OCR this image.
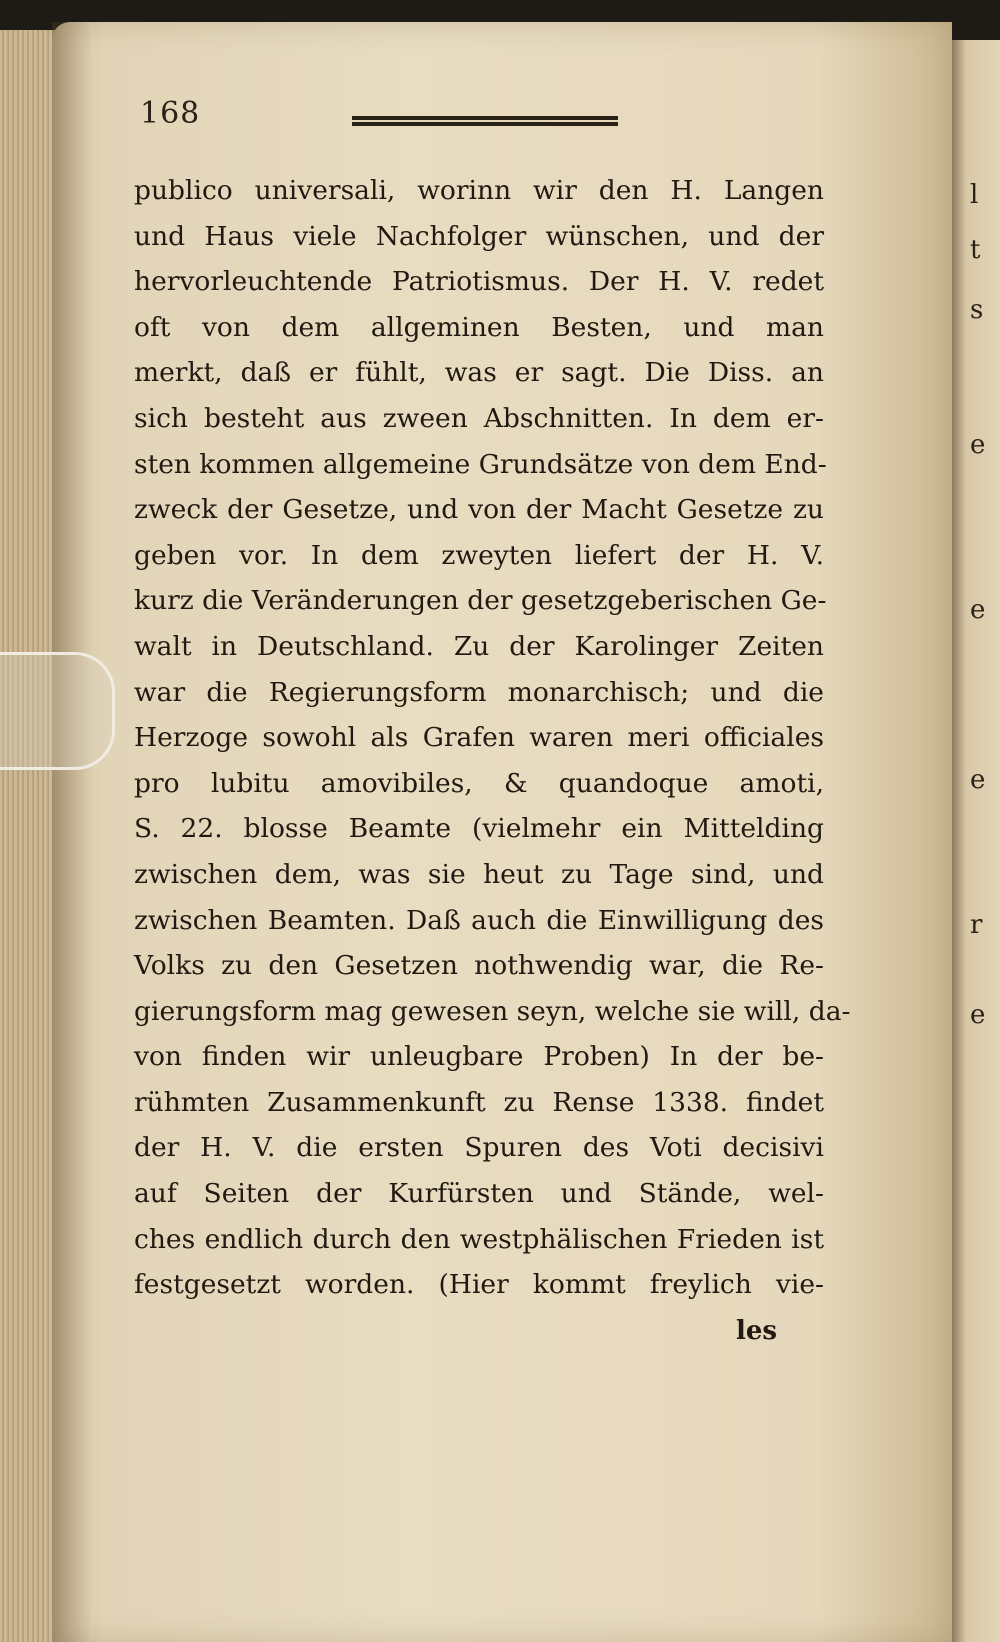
l
t
s
e
e
e
r
e
168
publico universali, worinn wir den H. Langen
und Haus viele Nachfolger wünschen, und der
hervorleuchtende Patriotismus. Der H. V. redet
oft von dem allgeminen Besten, und man
merkt, daß er fühlt, was er sagt. Die Diss. an
sich besteht aus zween Abschnitten. In dem er-
sten kommen allgemeine Grundsätze von dem End-
zweck der Gesetze, und von der Macht Gesetze zu
geben vor. In dem zweyten liefert der H. V.
kurz die Veränderungen der gesetzgeberischen Ge-
walt in Deutschland. Zu der Karolinger Zeiten
war die Regierungsform monarchisch; und die
Herzoge sowohl als Grafen waren meri officiales
pro lubitu amovibiles, & quandoque amoti,
S. 22. blosse Beamte (vielmehr ein Mittelding
zwischen dem, was sie heut zu Tage sind, und
zwischen Beamten. Daß auch die Einwilligung des
Volks zu den Gesetzen nothwendig war, die Re-
gierungsform mag gewesen seyn, welche sie will, da-
von finden wir unleugbare Proben) In der be-
rühmten Zusammenkunft zu Rense 1338. findet
der H. V. die ersten Spuren des Voti decisivi
auf Seiten der Kurfürsten und Stände, wel-
ches endlich durch den westphälischen Frieden ist
festgesetzt worden. (Hier kommt freylich vie-
les
